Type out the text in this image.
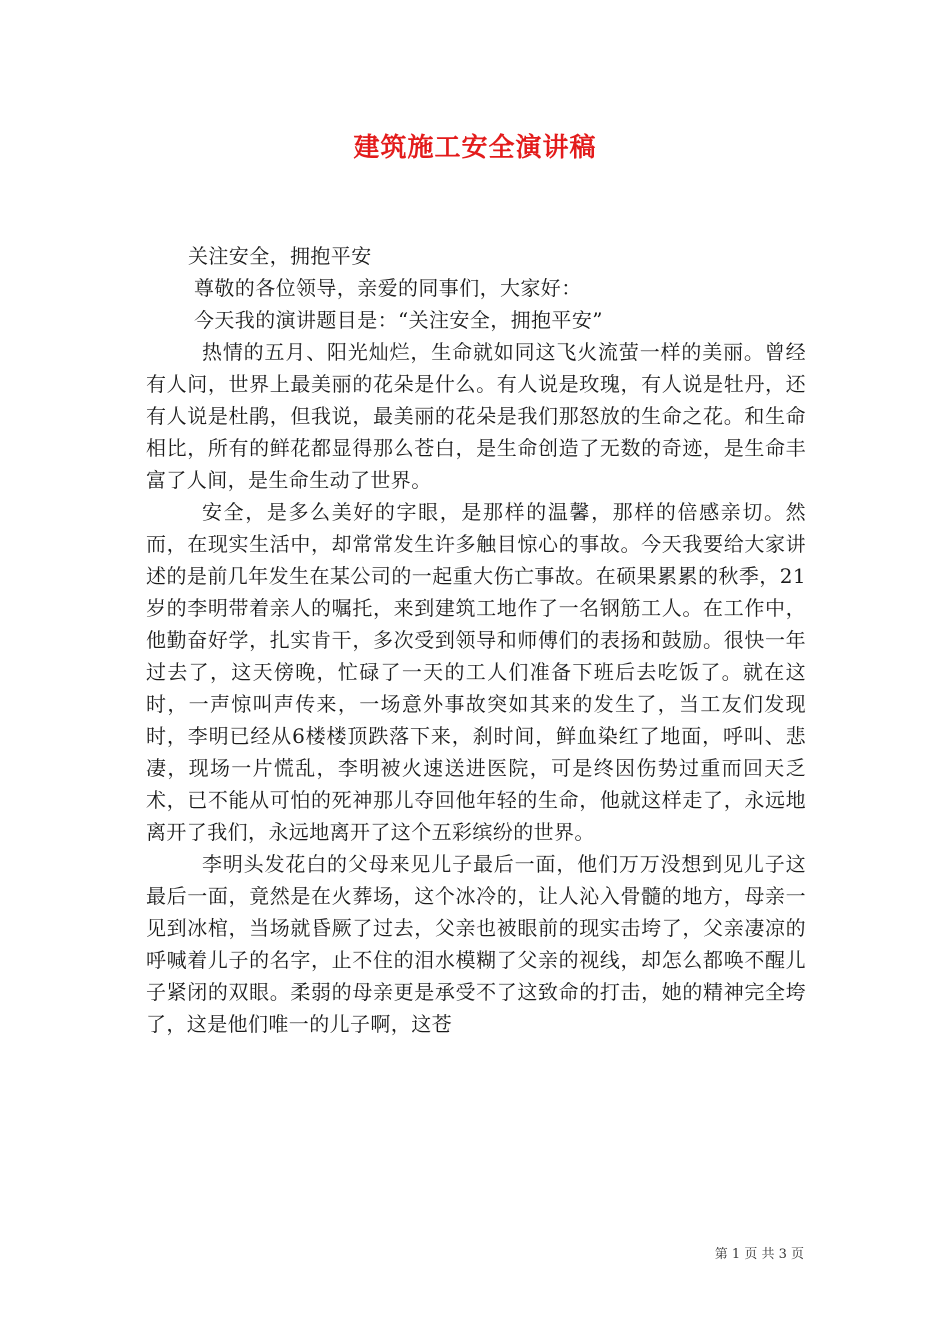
建筑施工安全演讲稿

关注安全，拥抱平安

尊敬的各位领导，亲爱的同事们，大家好：

今天我的演讲题目是：“关注安全，拥抱平安”

热情的五月、阳光灿烂，生命就如同这飞火流萤一样的美丽。曾经有人问，世界上最美丽的花朵是什么。有人说是玫瑰，有人说是牡丹，还有人说是杜鹃，但我说，最美丽的花朵是我们那怒放的生命之花。和生命相比，所有的鲜花都显得那么苍白，是生命创造了无数的奇迹，是生命丰富了人间，是生命生动了世界。

安全，是多么美好的字眼，是那样的温馨，那样的倍感亲切。然而，在现实生活中，却常常发生许多触目惊心的事故。今天我要给大家讲述的是前几年发生在某公司的一起重大伤亡事故。在硕果累累的秋季，21岁的李明带着亲人的嘱托，来到建筑工地作了一名钢筋工人。在工作中，他勤奋好学，扎实肯干，多次受到领导和师傅们的表扬和鼓励。很快一年过去了，这天傍晚，忙碌了一天的工人们准备下班后去吃饭了。就在这时，一声惊叫声传来，一场意外事故突如其来的发生了，当工友们发现时，李明已经从6楼楼顶跌落下来，刹时间，鲜血染红了地面，呼叫、悲凄，现场一片慌乱，李明被火速送进医院，可是终因伤势过重而回天乏术，已不能从可怕的死神那儿夺回他年轻的生命，他就这样走了，永远地离开了我们，永远地离开了这个五彩缤纷的世界。

李明头发花白的父母来见儿子最后一面，他们万万没想到见儿子这最后一面，竟然是在火葬场，这个冰冷的，让人沁入骨髓的地方，母亲一见到冰棺，当场就昏厥了过去，父亲也被眼前的现实击垮了，父亲凄凉的呼喊着儿子的名字，止不住的泪水模糊了父亲的视线，却怎么都唤不醒儿子紧闭的双眼。柔弱的母亲更是承受不了这致命的打击，她的精神完全垮了，这是他们唯一的儿子啊，这苍

第 1 页 共 3 页
